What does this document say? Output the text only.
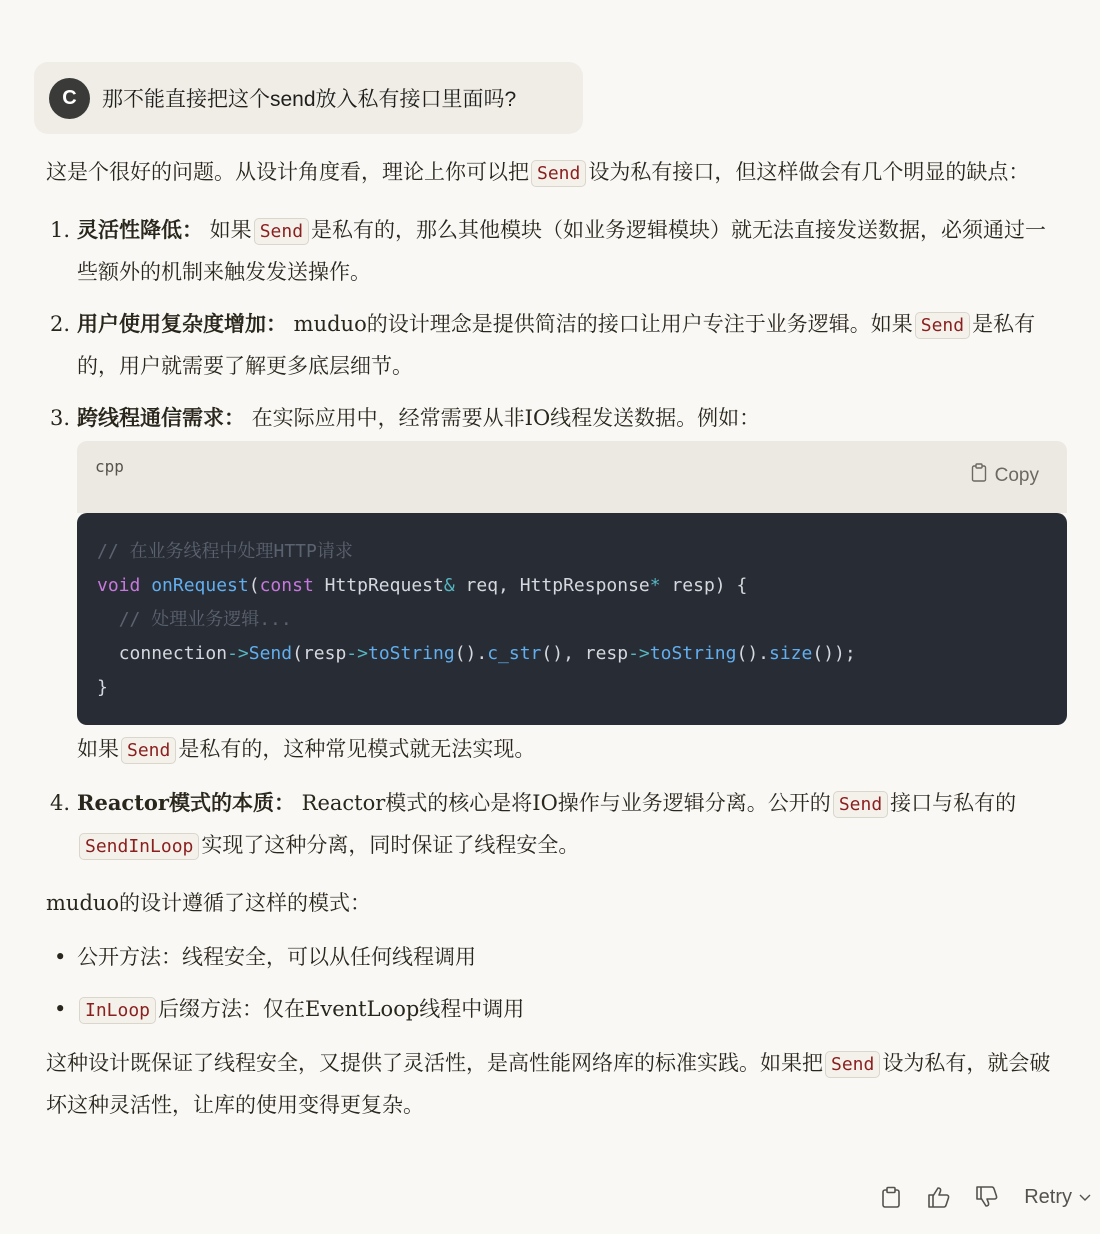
C	那不能直接把这个send放入私有接口里面吗?

这是个很好的问题。从设计角度看，理论上你可以把 Send 设为私有接口，但这样做会有几个明显的缺点：

1. 灵活性降低： 如果 Send 是私有的，那么其他模块（如业务逻辑模块）就无法直接发送数据，必须通过一些额外的机制来触发发送操作。
2. 用户使用复杂度增加： muduo的设计理念是提供简洁的接口让用户专注于业务逻辑。如果 Send 是私有的，用户就需要了解更多底层细节。
3. 跨线程通信需求： 在实际应用中，经常需要从非IO线程发送数据。例如：
cpp	Copy
// 在业务线程中处理HTTP请求
void onRequest(const HttpRequest& req, HttpResponse* resp) {
// 处理业务逻辑...
connection->Send(resp->toString().c_str(), resp->toString().size());
}

如果 Send 是私有的，这种常见模式就无法实现。

4. Reactor模式的本质： Reactor模式的核心是将IO操作与业务逻辑分离。公开的 Send 接口与私有的SendInLoop 实现了这种分离，同时保证了线程安全。

muduo的设计遵循了这样的模式：

• 公开方法：线程安全，可以从任何线程调用
• InLoop 后缀方法：仅在EventLoop线程中调用

这种设计既保证了线程安全，又提供了灵活性，是高性能网络库的标准实践。如果把 Send 设为私有，就会破坏这种灵活性，让库的使用变得更复杂。

Retry
